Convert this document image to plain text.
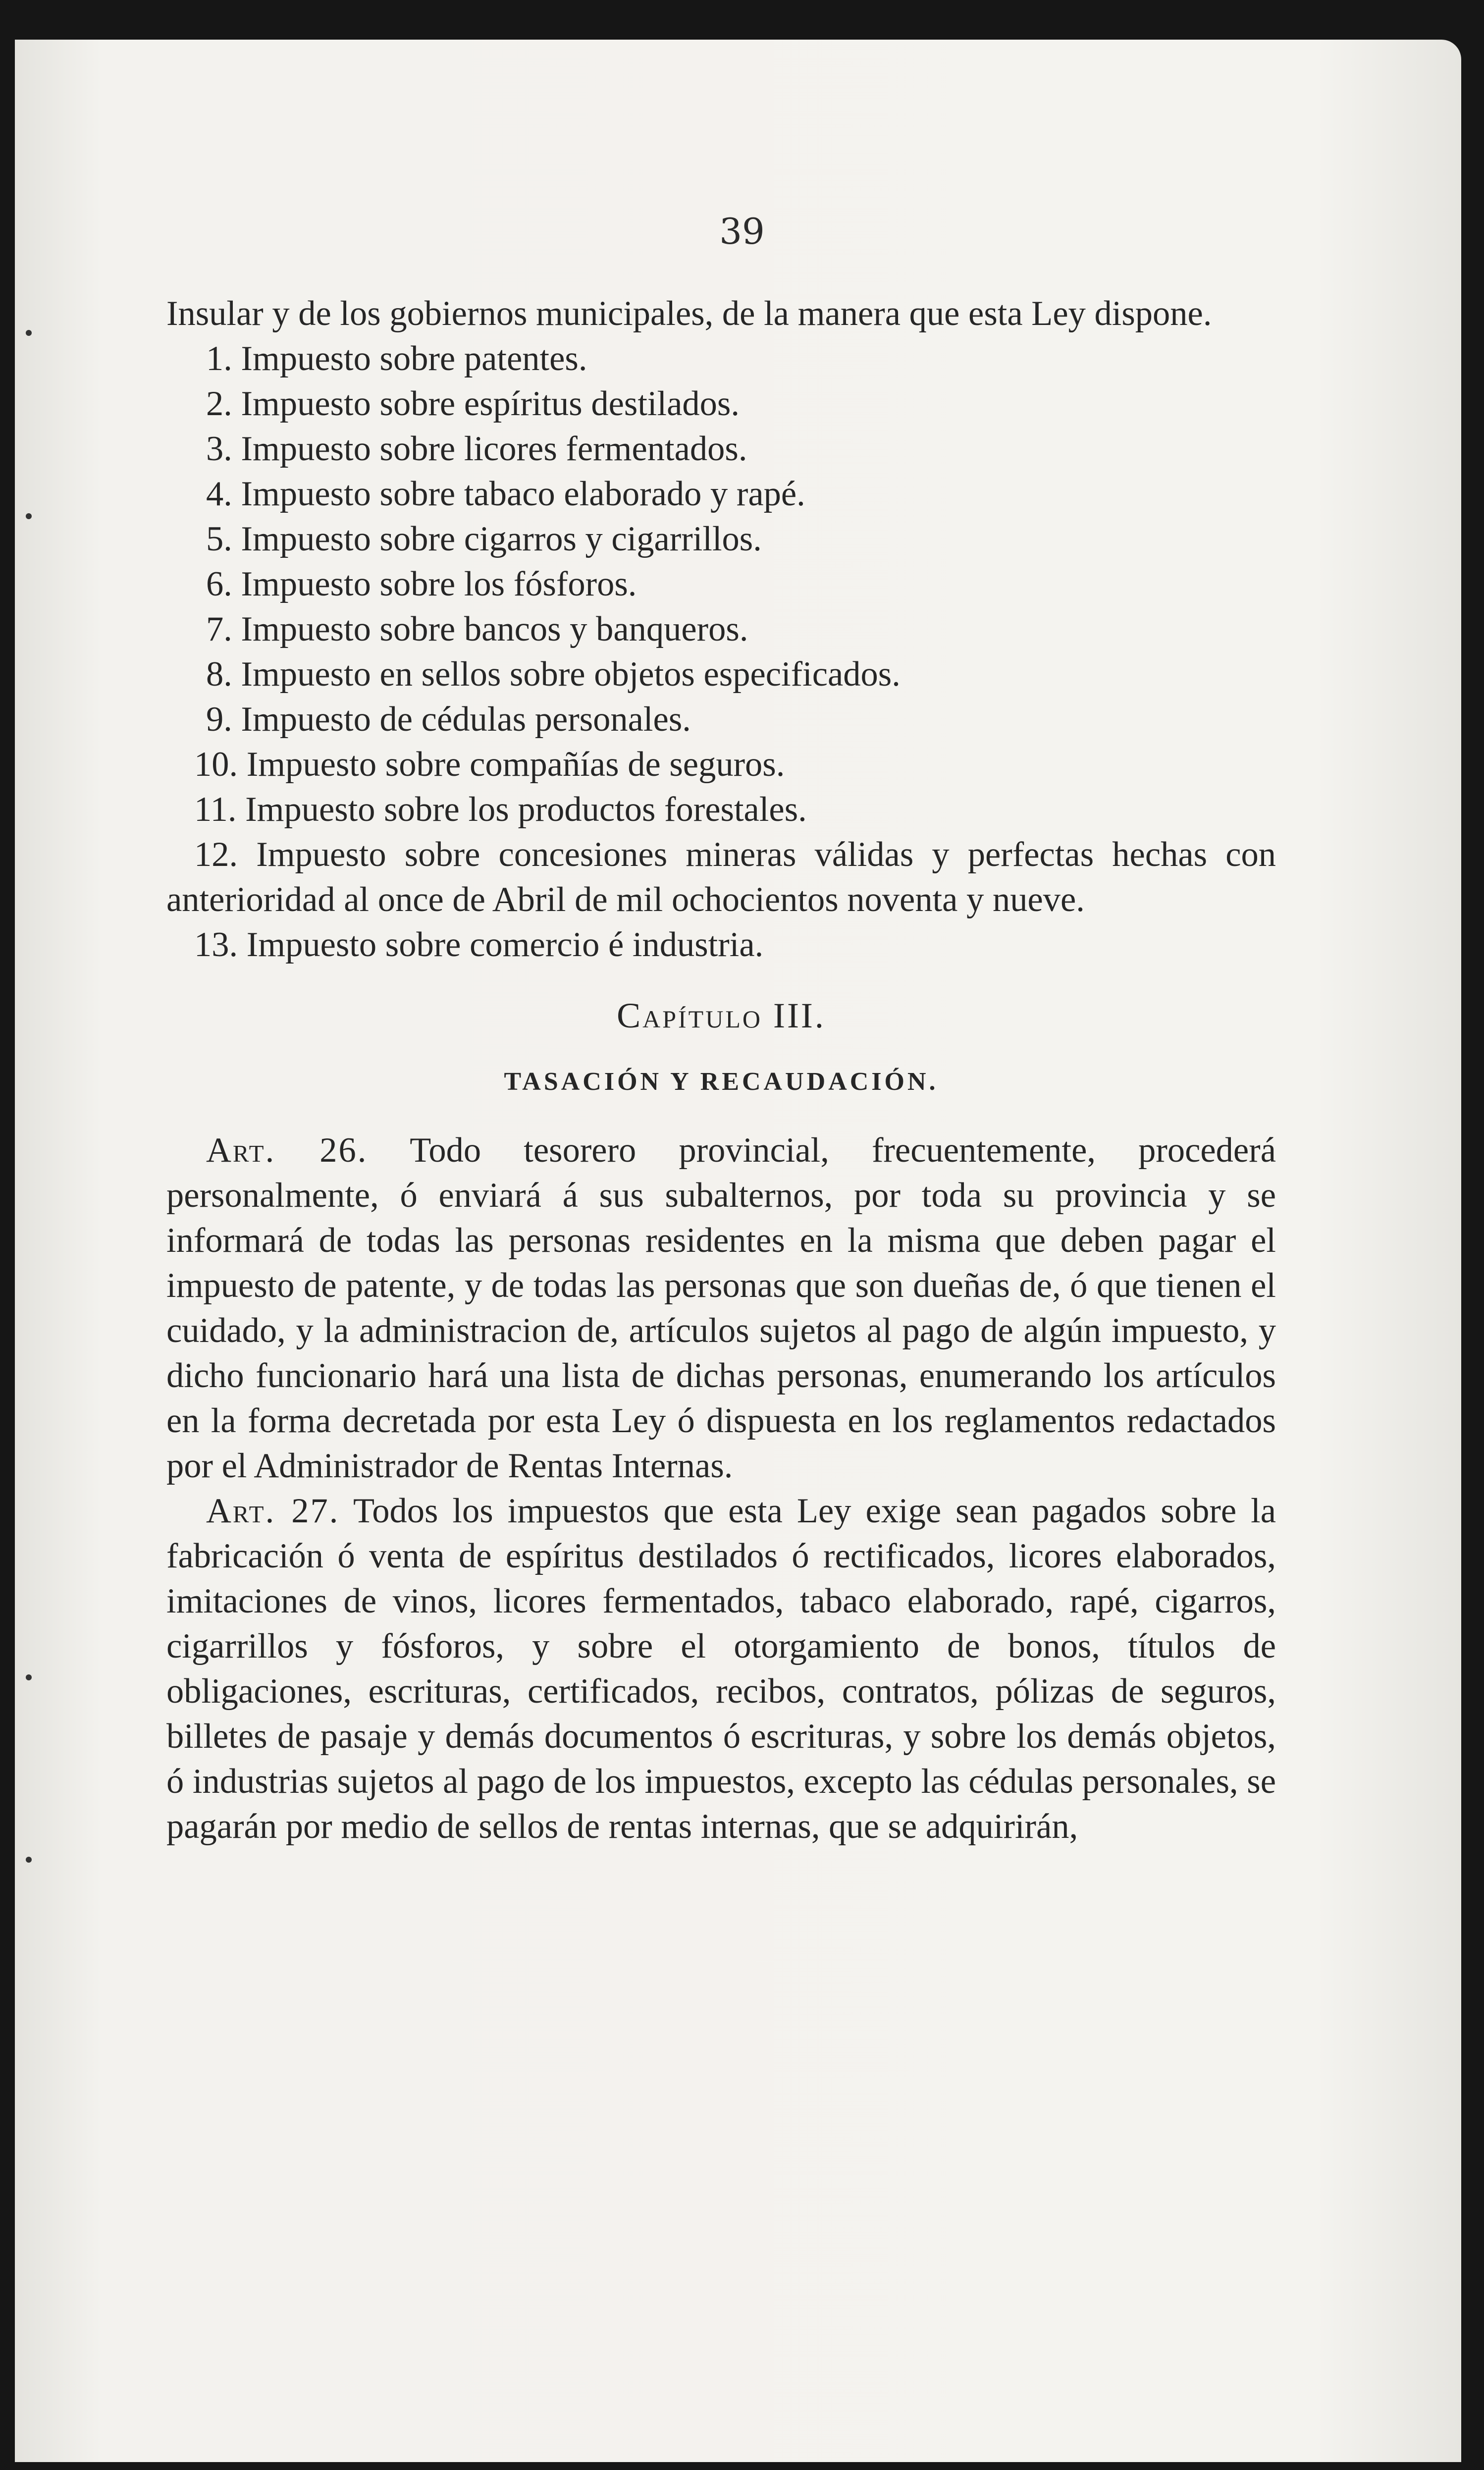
39

Insular y de los gobiernos municipales, de la manera que esta Ley dispone.

1. Impuesto sobre patentes.

2. Impuesto sobre espíritus destilados.

3. Impuesto sobre licores fermentados.

4. Impuesto sobre tabaco elaborado y rapé.

5. Impuesto sobre cigarros y cigarrillos.

6. Impuesto sobre los fósforos.

7. Impuesto sobre bancos y banqueros.

8. Impuesto en sellos sobre objetos especificados.

9. Impuesto de cédulas personales.

10. Impuesto sobre compañías de seguros.

11. Impuesto sobre los productos forestales.

12. Impuesto sobre concesiones mineras válidas y perfectas hechas con anterioridad al once de Abril de mil ochocientos noventa y nueve.

13. Impuesto sobre comercio é industria.

Capítulo III.

TASACIÓN Y RECAUDACIÓN.

Art. 26. Todo tesorero provincial, frecuentemente, procederá personalmente, ó enviará á sus subalternos, por toda su provincia y se informará de todas las personas residentes en la misma que deben pagar el impuesto de patente, y de todas las personas que son dueñas de, ó que tienen el cuidado, y la administracion de, artículos sujetos al pago de algún impuesto, y dicho funcionario hará una lista de dichas personas, enumerando los artículos en la forma decretada por esta Ley ó dispuesta en los reglamentos redactados por el Administrador de Rentas Internas.

Art. 27. Todos los impuestos que esta Ley exige sean pagados sobre la fabricación ó venta de espíritus destilados ó rectificados, licores elaborados, imitaciones de vinos, licores fermentados, tabaco elaborado, rapé, cigarros, cigarrillos y fósforos, y sobre el otorgamiento de bonos, títulos de obligaciones, escrituras, certificados, recibos, contratos, pólizas de seguros, billetes de pasaje y demás documentos ó escrituras, y sobre los demás objetos, ó industrias sujetos al pago de los impuestos, excepto las cédulas personales, se pagarán por medio de sellos de rentas internas, que se adquirirán,
